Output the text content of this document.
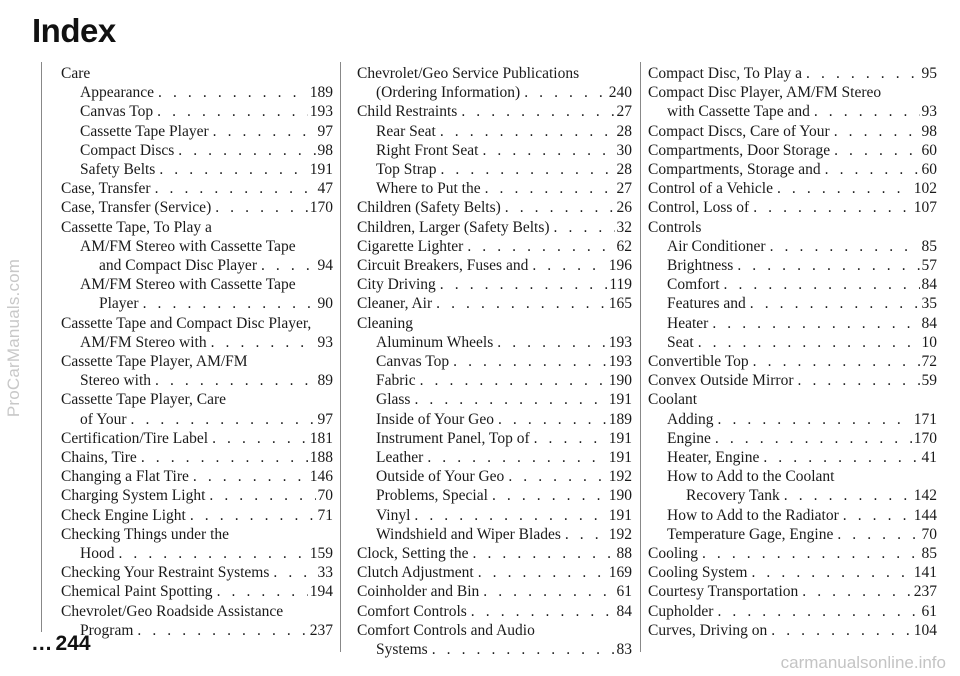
ProCarManuals.com
Index
Care
Appearance . . .	189
Canvas Top . . .	193
Cassette Tape Player . . .	97
Compact Discs . . .	98
Safety Belts . . .	191
Case, Transfer . . .	47
Case, Transfer (Service) . . .	170
Cassette Tape, To Play a
AM/FM Stereo with Cassette Tape
and Compact Disc Player . . .	94
AM/FM Stereo with Cassette Tape
Player . . .	90
Cassette Tape and Compact Disc Player,
AM/FM Stereo with . . .	93
Cassette Tape Player, AM/FM
Stereo with . . .	89
Cassette Tape Player, Care
of Your . . .	97
Certification/Tire Label . . .	181
Chains, Tire . . .	188
Changing a Flat Tire . . .	146
Charging System Light . . .	70
Check Engine Light . . .	71
Checking Things under the
Hood . . .	159
Checking Your Restraint Systems . . .	33
Chemical Paint Spotting . . .	194
Chevrolet/Geo Roadside Assistance
Program . . .	237
Chevrolet/Geo Service Publications
(Ordering Information) . . .	240
Child Restraints . . .	27
Rear Seat . . .	28
Right Front Seat . . .	30
Top Strap . . .	28
Where to Put the . . .	27
Children (Safety Belts) . . .	26
Children, Larger (Safety Belts) . . .	32
Cigarette Lighter . . .	62
Circuit Breakers, Fuses and . . .	196
City Driving . . .	119
Cleaner, Air . . .	165
Cleaning
Aluminum Wheels . . .	193
Canvas Top . . .	193
Fabric . . .	190
Glass . . .	191
Inside of Your Geo . . .	189
Instrument Panel, Top of . . .	191
Leather . . .	191
Outside of Your Geo . . .	192
Problems, Special . . .	190
Vinyl . . .	191
Windshield and Wiper Blades . . .	192
Clock, Setting the . . .	88
Clutch Adjustment . . .	169
Coinholder and Bin . . .	61
Comfort Controls . . .	84
Comfort Controls and Audio
Systems . . .	83
Compact Disc, To Play a . . .	95
Compact Disc Player, AM/FM Stereo
with Cassette Tape and . . .	93
Compact Discs, Care of Your . . .	98
Compartments, Door Storage . . .	60
Compartments, Storage and . . .	60
Control of a Vehicle . . .	102
Control, Loss of . . .	107
Controls
Air Conditioner . . .	85
Brightness . . .	57
Comfort . . .	84
Features and . . .	35
Heater . . .	84
Seat . . .	10
Convertible Top . . .	72
Convex Outside Mirror . . .	59
Coolant
Adding . . .	171
Engine . . .	170
Heater, Engine . . .	41
How to Add to the Coolant
Recovery Tank . . .	142
How to Add to the Radiator . . .	144
Temperature Gage, Engine . . .	70
Cooling . . .	85
Cooling System . . .	141
Courtesy Transportation . . .	237
Cupholder . . .	61
Curves, Driving on . . .	104
... 244
carmanualsonline.info
